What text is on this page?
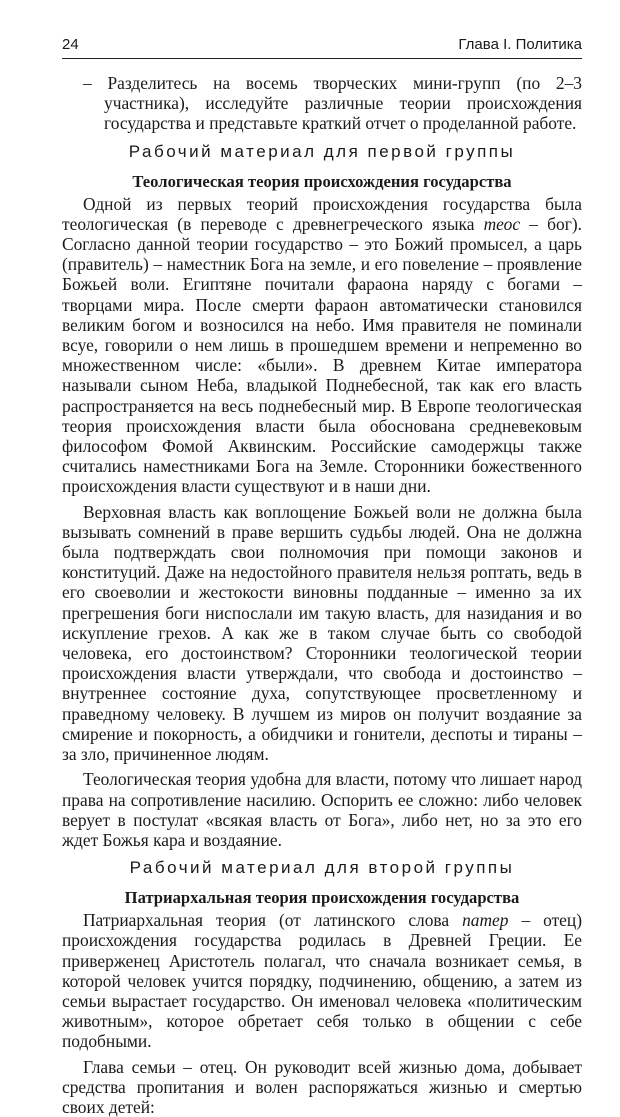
24	Глава I. Политика

– Разделитесь на восемь творческих мини-групп (по 2–3 участника), исследуйте различные теории происхождения государства и представьте краткий отчет о проделанной работе.

Рабочий материал для первой группы
Теологическая теория происхождения государства

Одной из первых теорий происхождения государства была теологическая (в переводе с древнегреческого языка теос – бог). Согласно данной теории государство – это Божий промысел, а царь (правитель) – наместник Бога на земле, и его повеление – проявление Божьей воли. Египтяне почитали фараона наряду с богами – творцами мира. После смерти фараон автоматически становился великим богом и возносился на небо. Имя правителя не поминали всуе, говорили о нем лишь в прошедшем времени и непременно во множественном числе: «были». В древнем Китае императора называли сыном Неба, владыкой Поднебесной, так как его власть распространяется на весь поднебесный мир. В Европе теологическая теория происхождения власти была обоснована средневековым философом Фомой Аквинским. Российские самодержцы также считались наместниками Бога на Земле. Сторонники божественного происхождения власти существуют и в наши дни.

Верховная власть как воплощение Божьей воли не должна была вызывать сомнений в праве вершить судьбы людей. Она не должна была подтверждать свои полномочия при помощи законов и конституций. Даже на недостойного правителя нельзя роптать, ведь в его своеволии и жестокости виновны подданные – именно за их прегрешения боги ниспослали им такую власть, для назидания и во искупление грехов. А как же в таком случае быть со свободой человека, его достоинством? Сторонники теологической теории происхождения власти утверждали, что свобода и достоинство – внутреннее состояние духа, сопутствующее просветленному и праведному человеку. В лучшем из миров он получит воздаяние за смирение и покорность, а обидчики и гонители, деспоты и тираны – за зло, причиненное людям.

Теологическая теория удобна для власти, потому что лишает народ права на сопротивление насилию. Оспорить ее сложно: либо человек верует в постулат «всякая власть от Бога», либо нет, но за это его ждет Божья кара и воздаяние.

Рабочий материал для второй группы
Патриархальная теория происхождения государства

Патриархальная теория (от латинского слова патер – отец) происхождения государства родилась в Древней Греции. Ее приверженец Аристотель полагал, что сначала возникает семья, в которой человек учится порядку, подчинению, общению, а затем из семьи вырастает государство. Он именовал человека «политическим животным», которое обретает себя только в общении с себе подобными.

Глава семьи – отец. Он руководит всей жизнью дома, добывает средства пропитания и волен распоряжаться жизнью и смертью своих детей:
